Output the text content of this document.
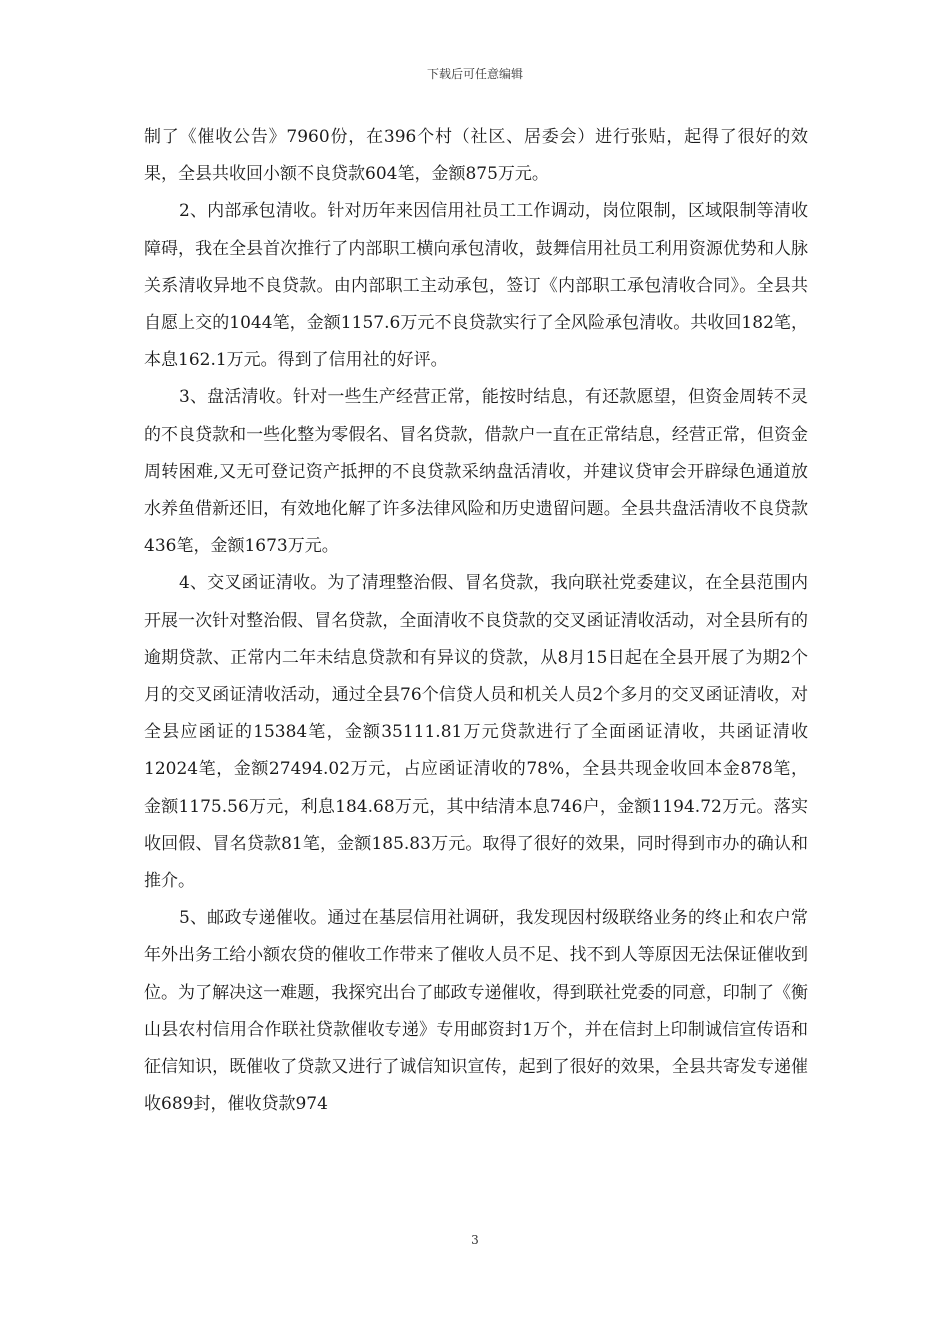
下载后可任意编辑

制了《催收公告》7960份，在396个村（社区、居委会）进行张贴，起得了很好的效果，全县共收回小额不良贷款604笔，金额875万元。

2、内部承包清收。针对历年来因信用社员工工作调动，岗位限制，区域限制等清收障碍，我在全县首次推行了内部职工横向承包清收，鼓舞信用社员工利用资源优势和人脉关系清收异地不良贷款。由内部职工主动承包，签订《内部职工承包清收合同》。全县共自愿上交的1044笔，金额1157.6万元不良贷款实行了全风险承包清收。共收回182笔，本息162.1万元。得到了信用社的好评。

3、盘活清收。针对一些生产经营正常，能按时结息，有还款愿望，但资金周转不灵的不良贷款和一些化整为零假名、冒名贷款，借款户一直在正常结息，经营正常，但资金周转困难,又无可登记资产抵押的不良贷款采纳盘活清收，并建议贷审会开辟绿色通道放水养鱼借新还旧，有效地化解了许多法律风险和历史遗留问题。全县共盘活清收不良贷款436笔，金额1673万元。

4、交叉函证清收。为了清理整治假、冒名贷款，我向联社党委建议，在全县范围内开展一次针对整治假、冒名贷款，全面清收不良贷款的交叉函证清收活动，对全县所有的逾期贷款、正常内二年未结息贷款和有异议的贷款，从8月15日起在全县开展了为期2个月的交叉函证清收活动，通过全县76个信贷人员和机关人员2个多月的交叉函证清收，对全县应函证的15384笔，金额35111.81万元贷款进行了全面函证清收，共函证清收12024笔，金额27494.02万元，占应函证清收的78%，全县共现金收回本金878笔，金额1175.56万元，利息184.68万元，其中结清本息746户，金额1194.72万元。落实收回假、冒名贷款81笔，金额185.83万元。取得了很好的效果，同时得到市办的确认和推介。

5、邮政专递催收。通过在基层信用社调研，我发现因村级联络业务的终止和农户常年外出务工给小额农贷的催收工作带来了催收人员不足、找不到人等原因无法保证催收到位。为了解决这一难题，我探究出台了邮政专递催收，得到联社党委的同意，印制了《衡山县农村信用合作联社贷款催收专递》专用邮资封1万个，并在信封上印制诚信宣传语和征信知识，既催收了贷款又进行了诚信知识宣传，起到了很好的效果，全县共寄发专递催收689封，催收贷款974

3
